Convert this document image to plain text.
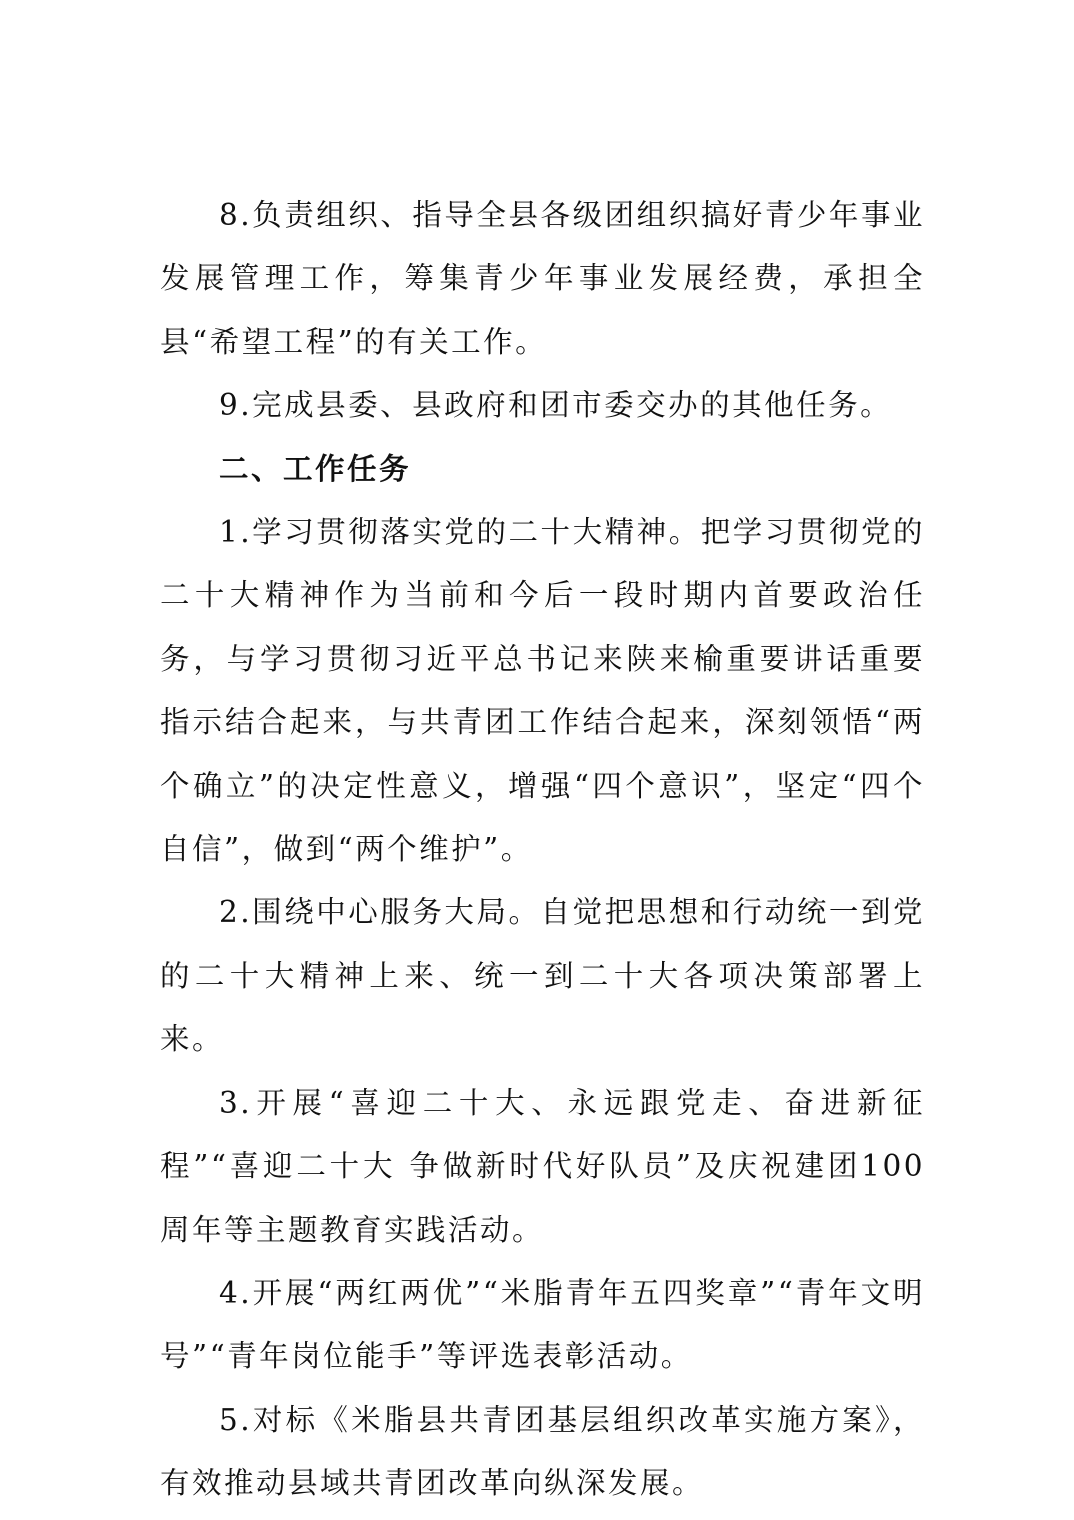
8.负责组织、指导全县各级团组织搞好青少年事业发展管理工作，筹集青少年事业发展经费，承担全县“希望工程”的有关工作。

9.完成县委、县政府和团市委交办的其他任务。

二、工作任务

1.学习贯彻落实党的二十大精神。把学习贯彻党的二十大精神作为当前和今后一段时期内首要政治任务，与学习贯彻习近平总书记来陕来榆重要讲话重要指示结合起来，与共青团工作结合起来，深刻领悟“两个确立”的决定性意义，增强“四个意识”，坚定“四个自信”，做到“两个维护”。

2.围绕中心服务大局。自觉把思想和行动统一到党的二十大精神上来、统一到二十大各项决策部署上来。

3.开展“喜迎二十大、永远跟党走、奋进新征程”“喜迎二十大 争做新时代好队员”及庆祝建团100周年等主题教育实践活动。

4.开展“两红两优”“米脂青年五四奖章”“青年文明号”“青年岗位能手”等评选表彰活动。

5.对标《米脂县共青团基层组织改革实施方案》，有效推动县域共青团改革向纵深发展。
